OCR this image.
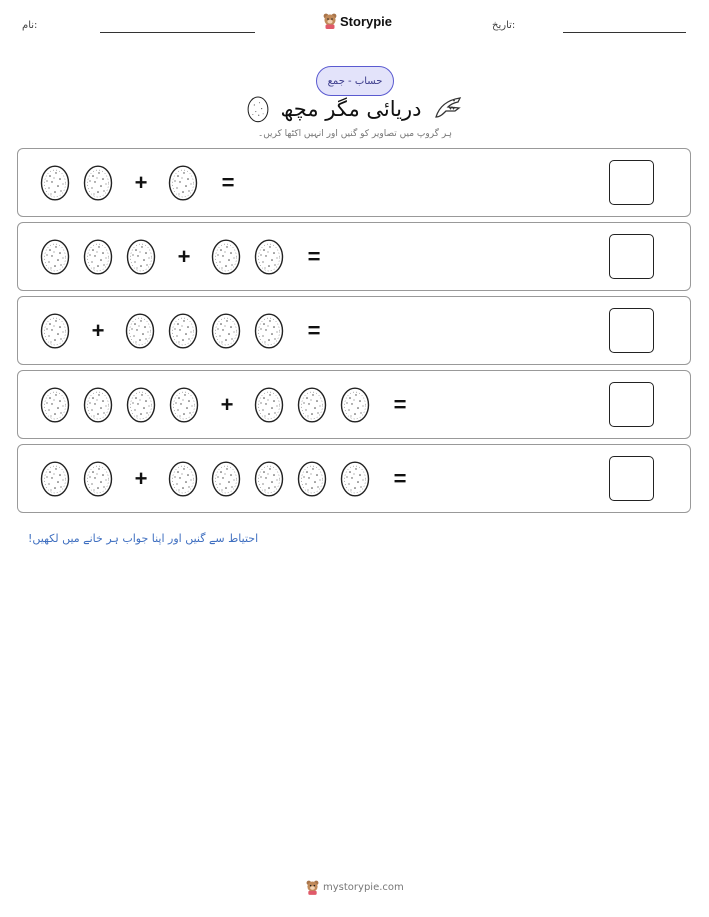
نام:	Storypie	تاریخ:
حساب - جمع
دریائی مگر مچھ
ہر گروپ میں تصاویر کو گنیں اور انہیں اکٹھا کریں۔
+	=
+	=
+	=
+	=
+	=
احتیاط سے گنیں اور اپنا جواب ہر خانے میں لکھیں!
mystorypie.com
